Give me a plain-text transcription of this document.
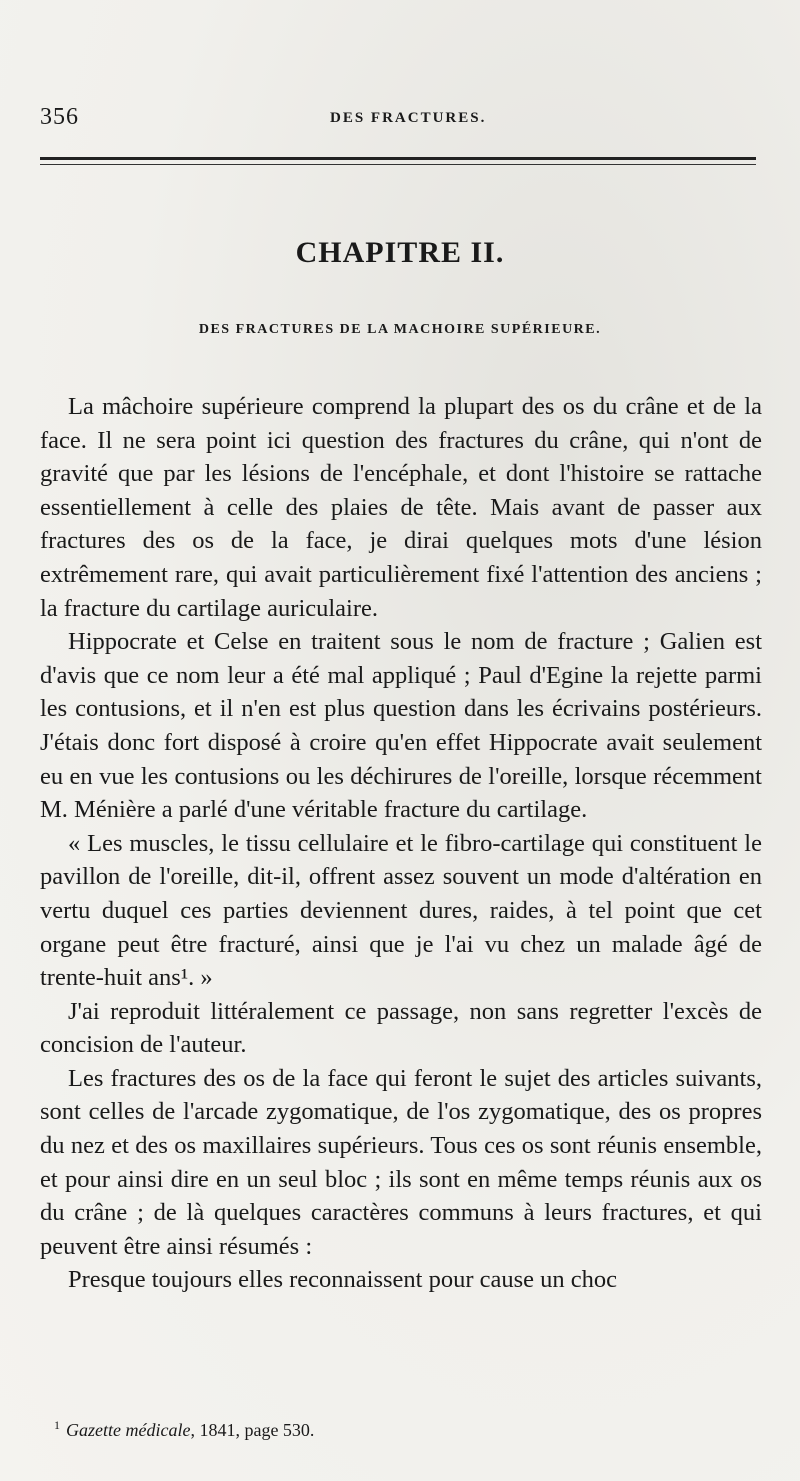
356	DES FRACTURES.
CHAPITRE II.
DES FRACTURES DE LA MACHOIRE SUPÉRIEURE.

La mâchoire supérieure comprend la plupart des os du crâne et de la face. Il ne sera point ici question des fractures du crâne, qui n'ont de gravité que par les lésions de l'encéphale, et dont l'histoire se rattache essentiellement à celle des plaies de tête. Mais avant de passer aux fractures des os de la face, je dirai quelques mots d'une lésion extrêmement rare, qui avait particulièrement fixé l'attention des anciens ; la fracture du cartilage auriculaire.

Hippocrate et Celse en traitent sous le nom de fracture ; Galien est d'avis que ce nom leur a été mal appliqué ; Paul d'Egine la rejette parmi les contusions, et il n'en est plus question dans les écrivains postérieurs. J'étais donc fort disposé à croire qu'en effet Hippocrate avait seulement eu en vue les contusions ou les déchirures de l'oreille, lorsque récemment M. Ménière a parlé d'une véritable fracture du cartilage.

« Les muscles, le tissu cellulaire et le fibro-cartilage qui constituent le pavillon de l'oreille, dit-il, offrent assez souvent un mode d'altération en vertu duquel ces parties deviennent dures, raides, à tel point que cet organe peut être fracturé, ainsi que je l'ai vu chez un malade âgé de trente-huit ans¹. »

J'ai reproduit littéralement ce passage, non sans regretter l'excès de concision de l'auteur.

Les fractures des os de la face qui feront le sujet des articles suivants, sont celles de l'arcade zygomatique, de l'os zygomatique, des os propres du nez et des os maxillaires supérieurs. Tous ces os sont réunis ensemble, et pour ainsi dire en un seul bloc ; ils sont en même temps réunis aux os du crâne ; de là quelques caractères communs à leurs fractures, et qui peuvent être ainsi résumés :

Presque toujours elles reconnaissent pour cause un choc

$^1$ Gazette médicale, 1841, page 530.
